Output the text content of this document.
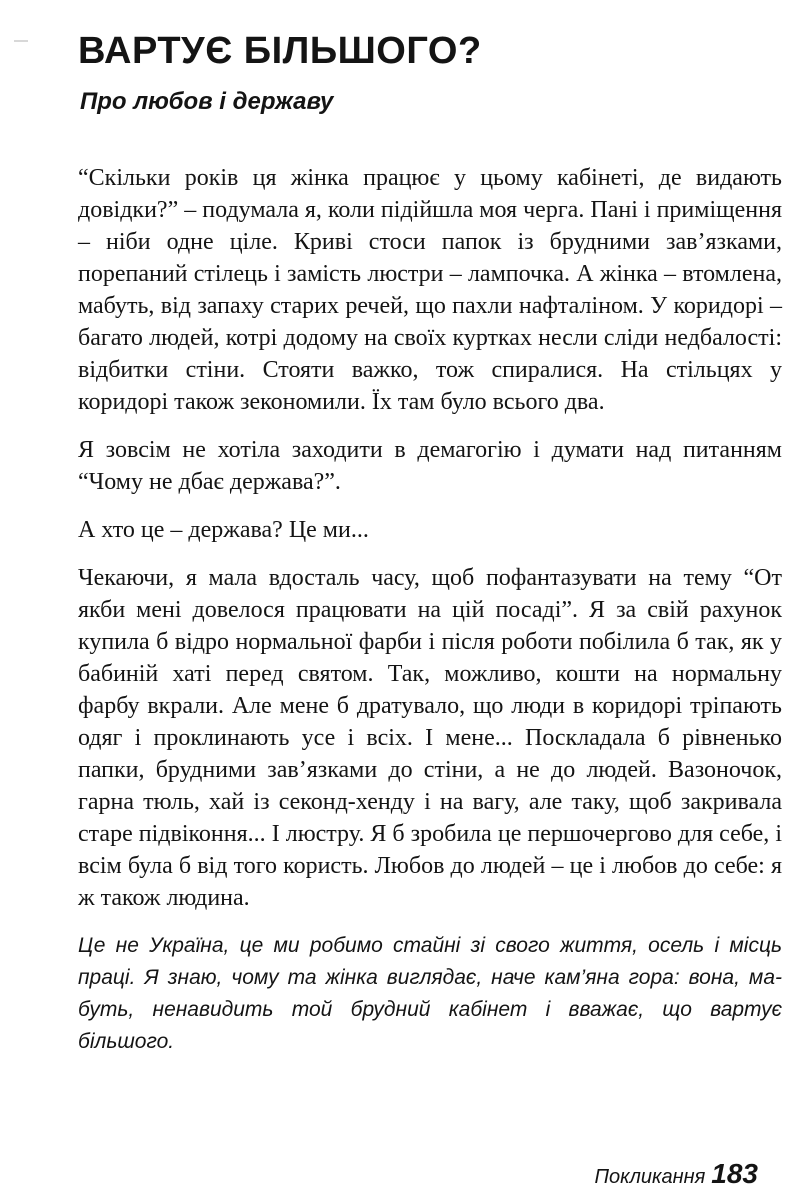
ВАРТУЄ БІЛЬШОГО?
Про любов і державу

“Скільки років ця жінка працює у цьому кабінеті, де видають довідки?” – подумала я, коли підійшла моя черга. Пані і приміщення – ніби одне ціле. Криві стоси папок із брудними зав’язками, порепаний стілець і замість люстри – лампочка. А жінка – втомлена, мабуть, від запаху старих речей, що пахли нафталіном. У коридорі – багато людей, котрі додому на своїх куртках несли сліди недбалості: відбитки стіни. Стояти важко, тож спиралися. На стільцях у коридорі також зекономили. Їх там було всього два.

Я зовсім не хотіла заходити в демагогію і думати над питанням “Чому не дбає держава?”.

А хто це – держава? Це ми...

Чекаючи, я мала вдосталь часу, щоб пофантазувати на тему “От якби мені довелося працювати на цій посаді”. Я за свій рахунок купила б відро нормальної фарби і після роботи побілила б так, як у бабиній хаті перед святом. Так, можливо, кошти на нормальну фарбу вкрали. Але мене б дратувало, що люди в коридорі тріпають одяг і проклинають усе і всіх. І мене... Поскладала б рівненько папки, брудними зав’язками до стіни, а не до людей. Вазоночок, гарна тюль, хай із секонд-хенду і на вагу, але таку, щоб закривала старе підвіконня... І люстру. Я б зробила це першочергово для себе, і всім була б від того користь. Любов до людей – це і любов до себе: я ж також людина.

Це не Україна, це ми робимо стайні зі свого життя, осель і місць праці. Я знаю, чому та жінка виглядає, наче кам’яна гора: вона, мабуть, ненавидить той брудний кабінет і вважає, що вартує більшого.

Покликання 183
